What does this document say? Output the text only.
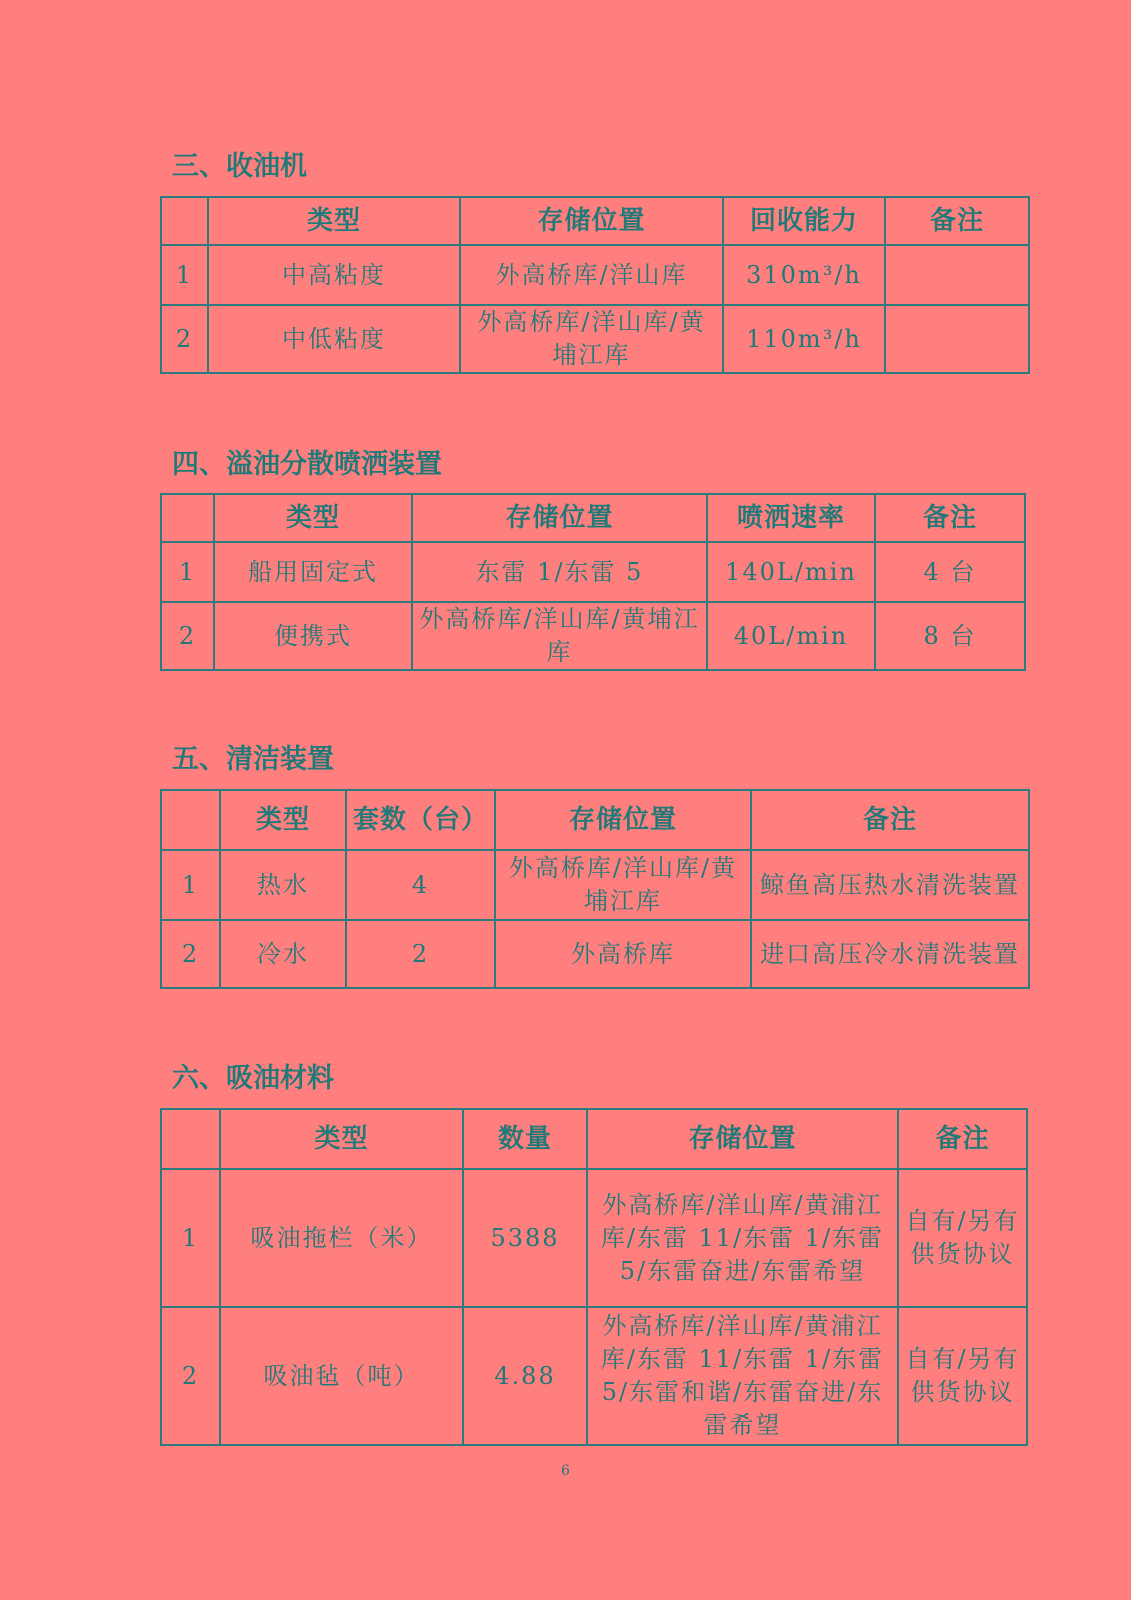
三、收油机
	类型	存储位置	回收能力	备注
1	中高粘度	外高桥库/洋山库	310m³/h	
2	中低粘度	外高桥库/洋山库/黄埔江库	110m³/h	
四、溢油分散喷洒装置
	类型	存储位置	喷洒速率	备注
1	船用固定式	东雷 1/东雷 5	140L/min	4 台
2	便携式	外高桥库/洋山库/黄埔江库	40L/min	8 台
五、清洁装置
	类型	套数（台）	存储位置	备注
1	热水	4	外高桥库/洋山库/黄埔江库	鲸鱼高压热水清洗装置
2	冷水	2	外高桥库	进口高压冷水清洗装置
六、吸油材料
	类型	数量	存储位置	备注
1	吸油拖栏（米）	5388	外高桥库/洋山库/黄浦江库/东雷 11/东雷 1/东雷 5/东雷奋进/东雷希望	自有/另有供货协议
2	吸油毡（吨）	4.88	外高桥库/洋山库/黄浦江库/东雷 11/东雷 1/东雷 5/东雷和谐/东雷奋进/东雷希望	自有/另有供货协议
6
